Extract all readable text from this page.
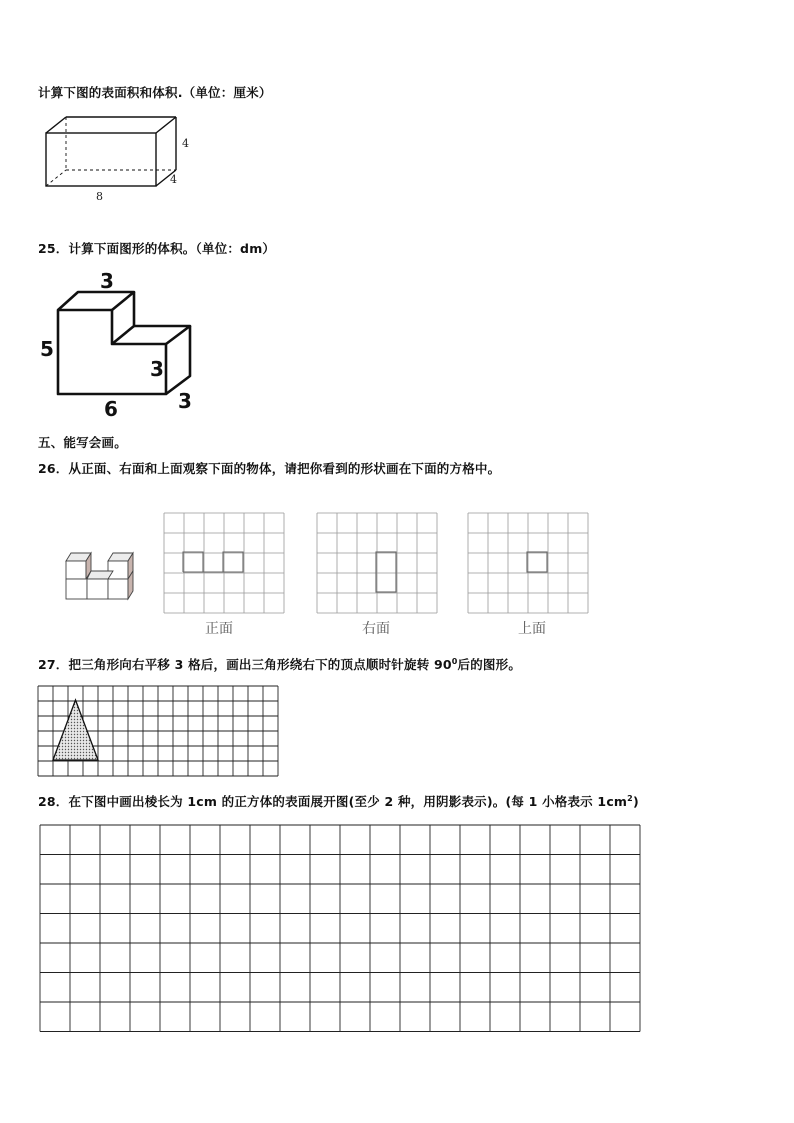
计算下图的表面积和体积.（单位：厘米）
4
4
8
25．计算下面图形的体积。（单位：dm）
3
5
3
3
6
五、能写会画。
26．从正面、右面和上面观察下面的物体，请把你看到的形状画在下面的方格中。
正面	右面	上面
27．把三角形向右平移 3 格后，画出三角形绕右下的顶点顺时针旋转 $90^0$后的图形。
28．在下图中画出棱长为 1cm 的正方体的表面展开图(至少 2 种，用阴影表示)。(每 1 小格表示 $1cm^2$)
